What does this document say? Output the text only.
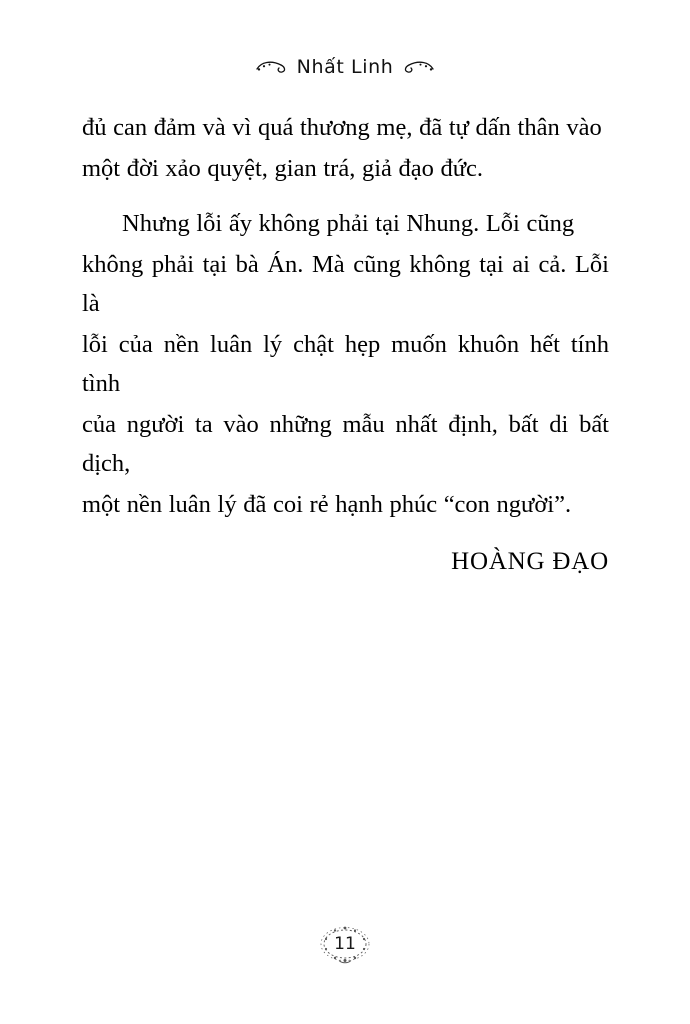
Nhất Linh

đủ can đảm và vì quá thương mẹ, đã tự dấn thân vào

một đời xảo quyệt, gian trá, giả đạo đức.

Nhưng lỗi ấy không phải tại Nhung. Lỗi cũng

không phải tại bà Án. Mà cũng không tại ai cả. Lỗi là

lỗi của nền luân lý chật hẹp muốn khuôn hết tính tình

của người ta vào những mẫu nhất định, bất di bất dịch,

một nền luân lý đã coi rẻ hạnh phúc “con người”.

HOÀNG ĐẠO
11
